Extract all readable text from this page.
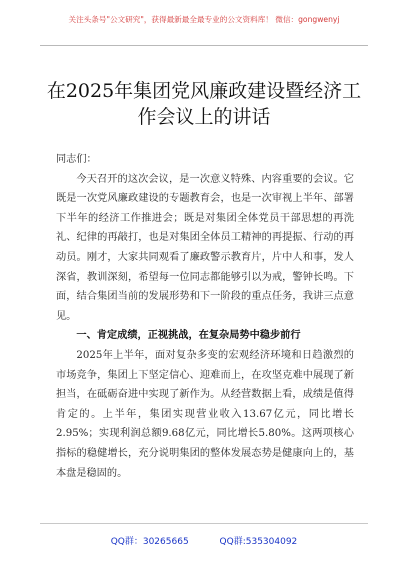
关注头条号"公文研究"，获得最新最全最专业的公文资料库！ 微信：gongwenyj
在2025年集团党风廉政建设暨经济工
作会议上的讲话

同志们：

今天召开的这次会议，是一次意义特殊、内容重要的会议。它既是一次党风廉政建设的专题教育会，也是一次审视上半年、部署下半年的经济工作推进会；既是对集团全体党员干部思想的再洗礼、纪律的再敲打，也是对集团全体员工精神的再提振、行动的再动员。刚才，大家共同观看了廉政警示教育片，片中人和事，发人深省，教训深刻，希望每一位同志都能够引以为戒，警钟长鸣。下面，结合集团当前的发展形势和下一阶段的重点任务，我讲三点意见。

一、肯定成绩，正视挑战，在复杂局势中稳步前行

2025年上半年，面对复杂多变的宏观经济环境和日趋激烈的市场竞争，集团上下坚定信心、迎难而上，在攻坚克难中展现了新担当，在砥砺奋进中实现了新作为。从经营数据上看，成绩是值得肯定的。上半年，集团实现营业收入13.67亿元，同比增长2.95%；实现利润总额9.68亿元，同比增长5.80%。这两项核心指标的稳健增长，充分说明集团的整体发展态势是健康向上的，基本盘是稳固的。

QQ群：30265665	QQ群:535304092
